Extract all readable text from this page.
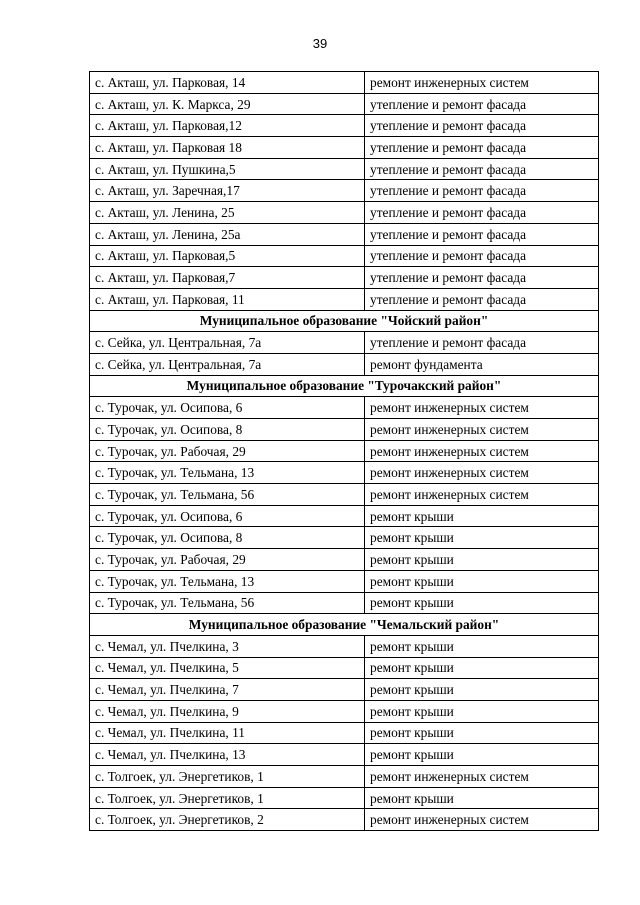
39
с. Акташ, ул. Парковая, 14	ремонт инженерных систем
с. Акташ, ул. К. Маркса, 29	утепление и ремонт фасада
с. Акташ, ул. Парковая,12	утепление и ремонт фасада
с. Акташ, ул. Парковая 18	утепление и ремонт фасада
с. Акташ, ул. Пушкина,5	утепление и ремонт фасада
с. Акташ, ул. Заречная,17	утепление и ремонт фасада
с. Акташ, ул. Ленина, 25	утепление и ремонт фасада
с. Акташ, ул. Ленина, 25а	утепление и ремонт фасада
с. Акташ, ул. Парковая,5	утепление и ремонт фасада
с. Акташ, ул. Парковая,7	утепление и ремонт фасада
с. Акташ, ул. Парковая, 11	утепление и ремонт фасада
Муниципальное образование "Чойский район"	
с. Сейка, ул. Центральная, 7а	утепление и ремонт фасада
с. Сейка, ул. Центральная, 7а	ремонт фундамента
Муниципальное образование "Турочакский район"	
с. Турочак, ул. Осипова, 6	ремонт инженерных систем
с. Турочак, ул. Осипова, 8	ремонт инженерных систем
с. Турочак, ул. Рабочая, 29	ремонт инженерных систем
с. Турочак, ул. Тельмана, 13	ремонт инженерных систем
с. Турочак, ул. Тельмана, 56	ремонт инженерных систем
с. Турочак, ул. Осипова, 6	ремонт крыши
с. Турочак, ул. Осипова, 8	ремонт крыши
с. Турочак, ул. Рабочая, 29	ремонт крыши
с. Турочак, ул. Тельмана, 13	ремонт крыши
с. Турочак, ул. Тельмана, 56	ремонт крыши
Муниципальное образование "Чемальский район"	
с. Чемал, ул. Пчелкина, 3	ремонт крыши
с. Чемал, ул. Пчелкина, 5	ремонт крыши
с. Чемал, ул. Пчелкина, 7	ремонт крыши
с. Чемал, ул. Пчелкина, 9	ремонт крыши
с. Чемал, ул. Пчелкина, 11	ремонт крыши
с. Чемал, ул. Пчелкина, 13	ремонт крыши
с. Толгоек, ул. Энергетиков, 1	ремонт инженерных систем
с. Толгоек, ул. Энергетиков, 1	ремонт крыши
с. Толгоек, ул. Энергетиков, 2	ремонт инженерных систем
